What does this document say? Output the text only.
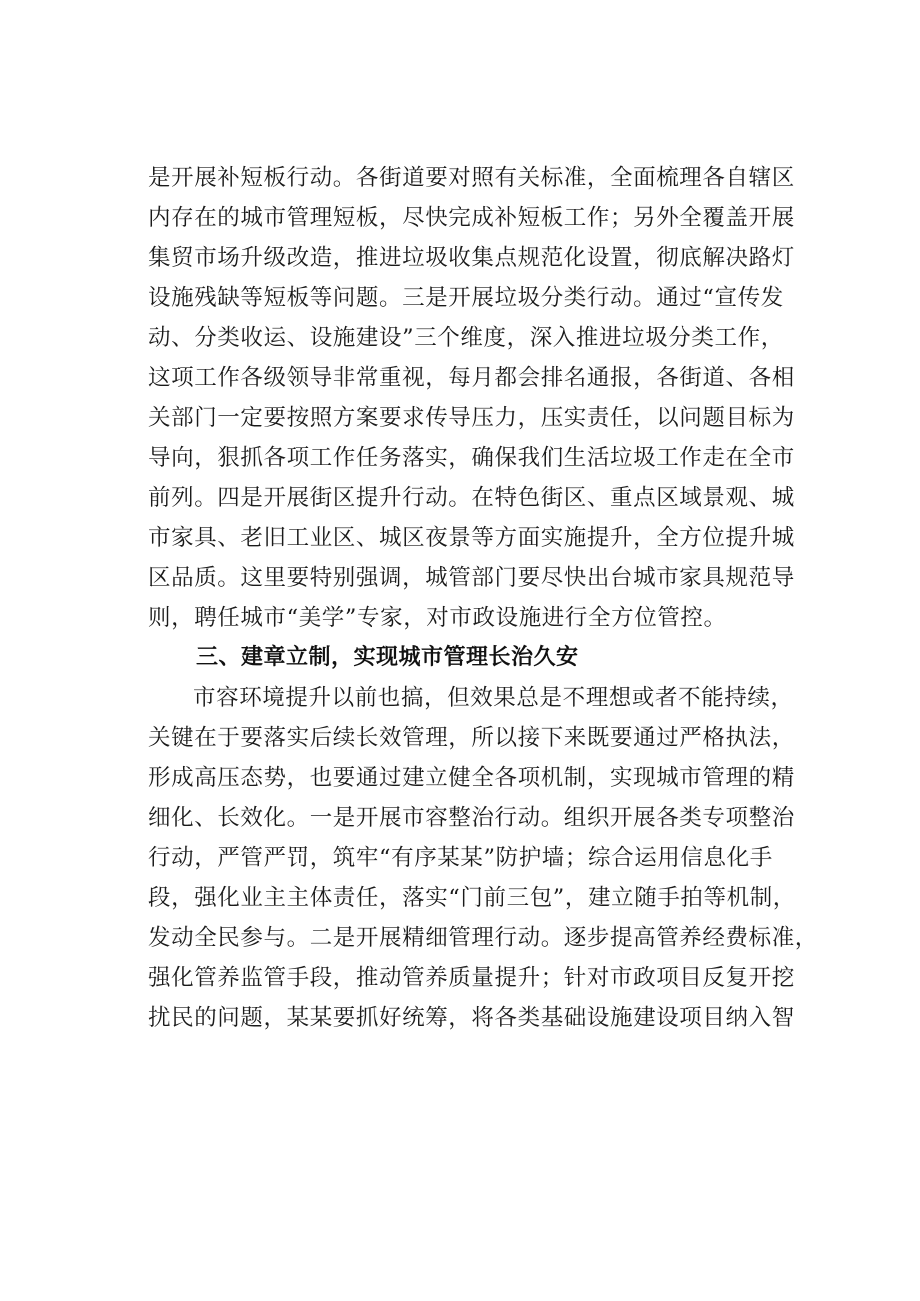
是开展补短板行动。各街道要对照有关标准，全面梳理各自辖区
内存在的城市管理短板，尽快完成补短板工作；另外全覆盖开展
集贸市场升级改造，推进垃圾收集点规范化设置，彻底解决路灯
设施残缺等短板等问题。三是开展垃圾分类行动。通过“宣传发
动、分类收运、设施建设”三个维度，深入推进垃圾分类工作，
这项工作各级领导非常重视，每月都会排名通报，各街道、各相
关部门一定要按照方案要求传导压力，压实责任，以问题目标为
导向，狠抓各项工作任务落实，确保我们生活垃圾工作走在全市
前列。四是开展街区提升行动。在特色街区、重点区域景观、城
市家具、老旧工业区、城区夜景等方面实施提升，全方位提升城
区品质。这里要特别强调，城管部门要尽快出台城市家具规范导
则，聘任城市“美学”专家，对市政设施进行全方位管控。
三、建章立制，实现城市管理长治久安
市容环境提升以前也搞，但效果总是不理想或者不能持续，
关键在于要落实后续长效管理，所以接下来既要通过严格执法，
形成高压态势，也要通过建立健全各项机制，实现城市管理的精
细化、长效化。一是开展市容整治行动。组织开展各类专项整治
行动，严管严罚，筑牢“有序某某”防护墙；综合运用信息化手
段，强化业主主体责任，落实“门前三包”，建立随手拍等机制，
发动全民参与。二是开展精细管理行动。逐步提高管养经费标准，
强化管养监管手段，推动管养质量提升；针对市政项目反复开挖
扰民的问题，某某要抓好统筹，将各类基础设施建设项目纳入智
